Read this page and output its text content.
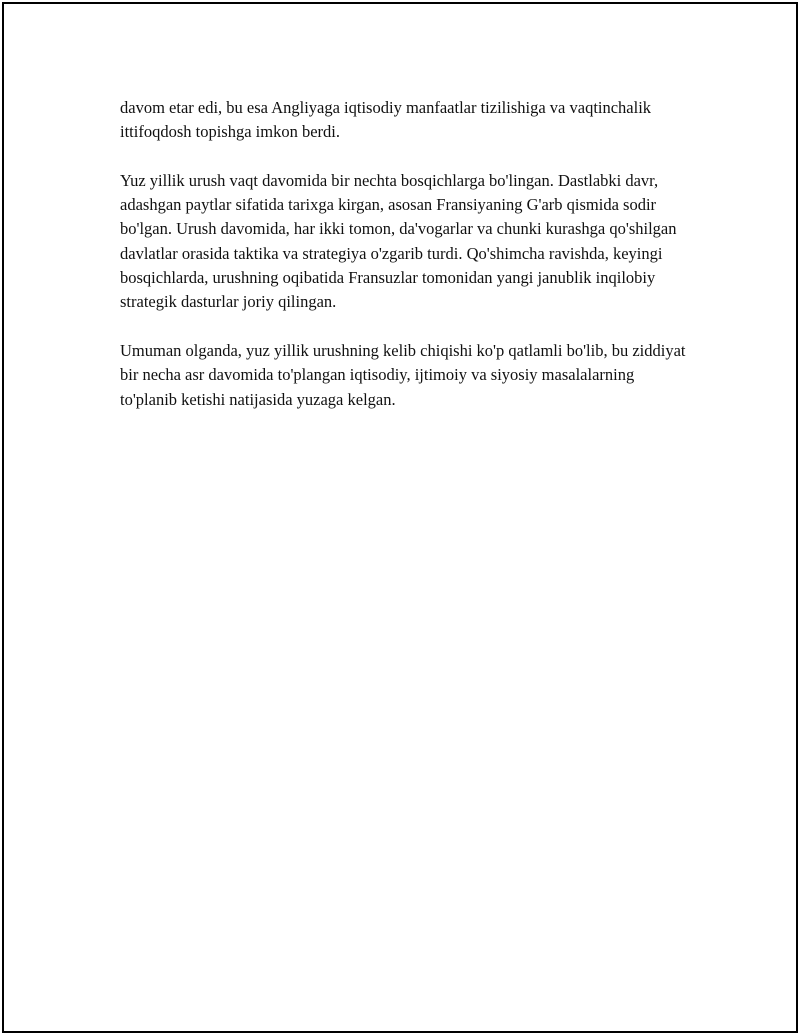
davom etar edi, bu esa Angliyaga iqtisodiy manfaatlar tizilishiga va vaqtinchalik ittifoqdosh topishga imkon berdi.

Yuz yillik urush vaqt davomida bir nechta bosqichlarga bo'lingan. Dastlabki davr, adashgan paytlar sifatida tarixga kirgan, asosan Fransiyaning G'arb qismida sodir bo'lgan. Urush davomida, har ikki tomon, da'vogarlar va chunki kurashga qo'shilgan davlatlar orasida taktika va strategiya o'zgarib turdi. Qo'shimcha ravishda, keyingi bosqichlarda, urushning oqibatida Fransuzlar tomonidan yangi janublik inqilobiy strategik dasturlar joriy qilingan.

Umuman olganda, yuz yillik urushning kelib chiqishi ko'p qatlamli bo'lib, bu ziddiyat bir necha asr davomida to'plangan iqtisodiy, ijtimoiy va siyosiy masalalarning to'planib ketishi natijasida yuzaga kelgan.
